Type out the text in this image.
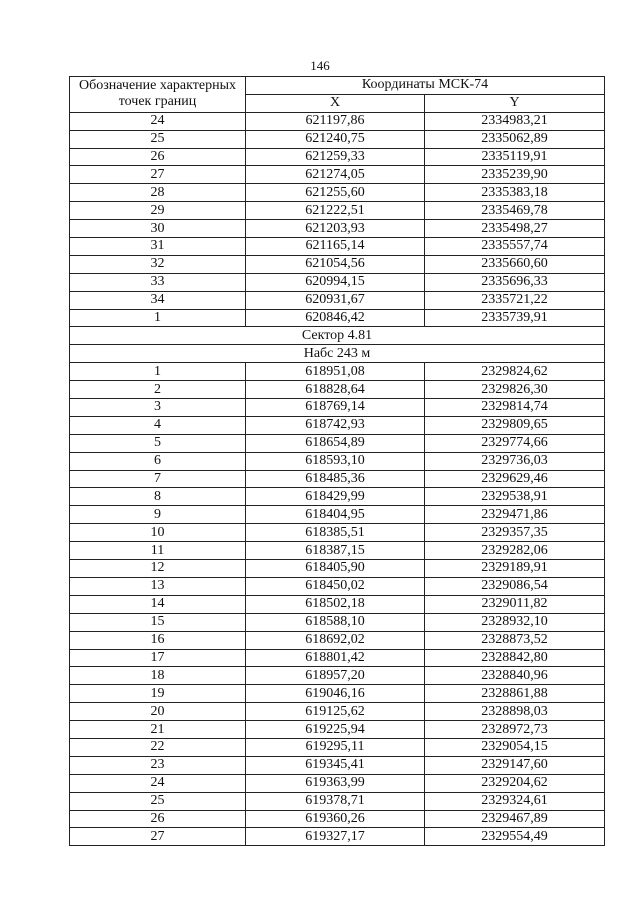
146
Обозначение характерных
точек границ	Координаты МСК-74	
	X	Y
24	621197,86	2334983,21
25	621240,75	2335062,89
26	621259,33	2335119,91
27	621274,05	2335239,90
28	621255,60	2335383,18
29	621222,51	2335469,78
30	621203,93	2335498,27
31	621165,14	2335557,74
32	621054,56	2335660,60
33	620994,15	2335696,33
34	620931,67	2335721,22
1	620846,42	2335739,91
Сектор 4.81		
Набс 243 м		
1	618951,08	2329824,62
2	618828,64	2329826,30
3	618769,14	2329814,74
4	618742,93	2329809,65
5	618654,89	2329774,66
6	618593,10	2329736,03
7	618485,36	2329629,46
8	618429,99	2329538,91
9	618404,95	2329471,86
10	618385,51	2329357,35
11	618387,15	2329282,06
12	618405,90	2329189,91
13	618450,02	2329086,54
14	618502,18	2329011,82
15	618588,10	2328932,10
16	618692,02	2328873,52
17	618801,42	2328842,80
18	618957,20	2328840,96
19	619046,16	2328861,88
20	619125,62	2328898,03
21	619225,94	2328972,73
22	619295,11	2329054,15
23	619345,41	2329147,60
24	619363,99	2329204,62
25	619378,71	2329324,61
26	619360,26	2329467,89
27	619327,17	2329554,49
